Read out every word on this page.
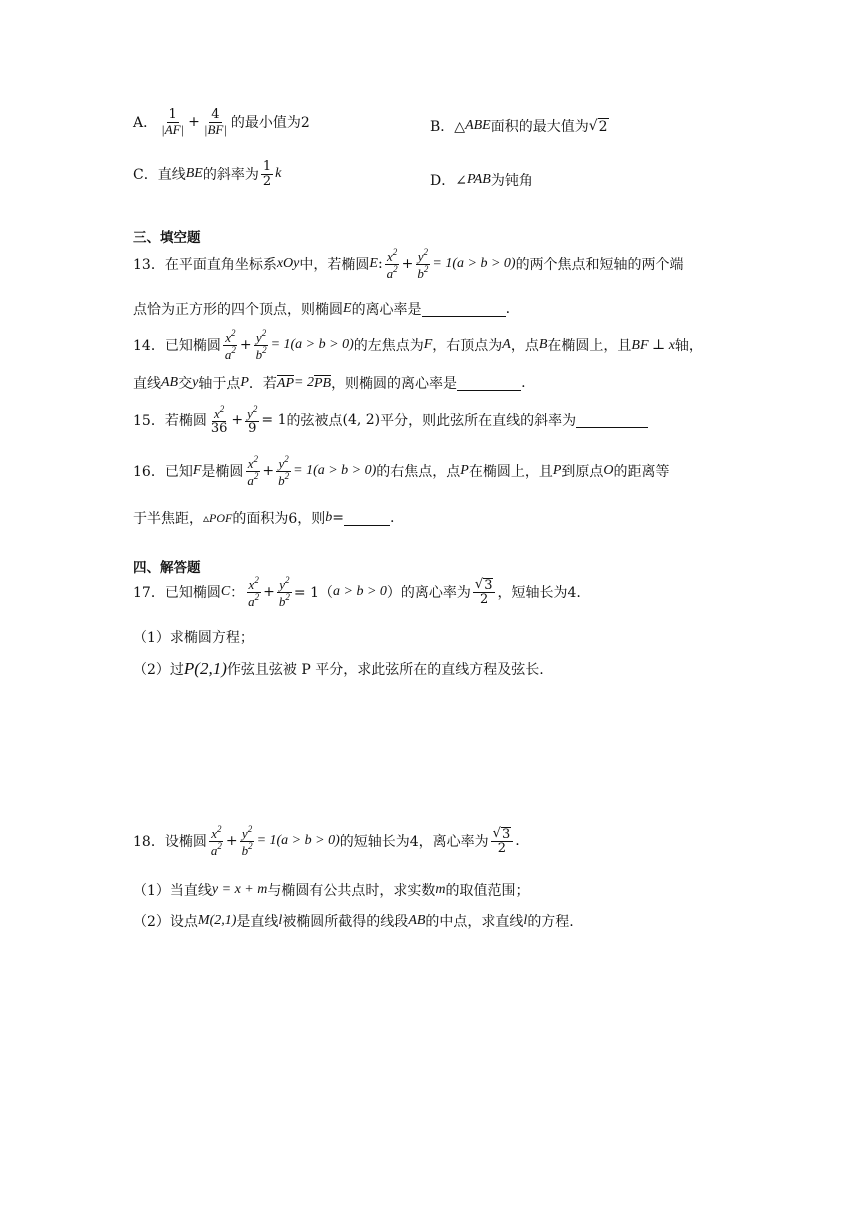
A． $\frac{1}{|AF|} + \frac{4}{|BF|}$ 的最小值为2	B．△ ABE 面积的最大值为 √ 2
C．直线 BE 的斜率为 $\frac{1}{2}$ k	D．∠ PAB 为钝角
三、填空题
13． 在平面直角坐标系 xOy 中，若椭圆 E : $\frac{x^2}{a^2} + \frac{y^2}{b^2} = 1(a > b > 0)$ 的两个焦点和短轴的两个端
点恰为正方形的四个顶点，则椭圆 E 的离心率是	.
14． 已知椭圆 $\frac{x^2}{a^2} + \frac{y^2}{b^2} = 1(a > b > 0)$ 的左焦点为 F ，右顶点为 A ，点 B 在椭圆上，且 BF ⊥ x 轴，
直线 AB 交 y 轴于点 P ．若 AP = 2 PB ，则椭圆的离心率是	.
15． 若椭圆 $\frac{x^2}{36} + \frac{y^2}{9} = 1$ 的弦被点 (4, 2) 平分，则此弦所在直线的斜率为
16． 已知 F 是椭圆 $\frac{x^2}{a^2} + \frac{y^2}{b^2} = 1(a > b > 0)$ 的右焦点，点 P 在椭圆上，且 P 到原点 O 的距离等
于半焦距， ▵POF 的面积为6，则 b =	.
四、解答题
17． 已知椭圆 C ： $\frac{x^2}{a^2} + \frac{y^2}{b^2} = 1$（ a > b > 0 ） 的离心率为 $\frac{√ 3}{2}$ ，短轴长为4.
（1）求椭圆方程；
（2）过 P(2,1) 作弦且弦被 P 平分，求此弦所在的直线方程及弦长.
18． 设椭圆 $\frac{x^2}{a^2} + \frac{y^2}{b^2} = 1(a > b > 0)$ 的短轴长为4，离心率为 $\frac{√ 3}{2}$ .
（1）当直线 y = x + m 与椭圆有公共点时，求实数 m 的取值范围；
（2）设点 M(2,1) 是直线 l 被椭圆所截得的线段 AB 的中点，求直线 l 的方程.
